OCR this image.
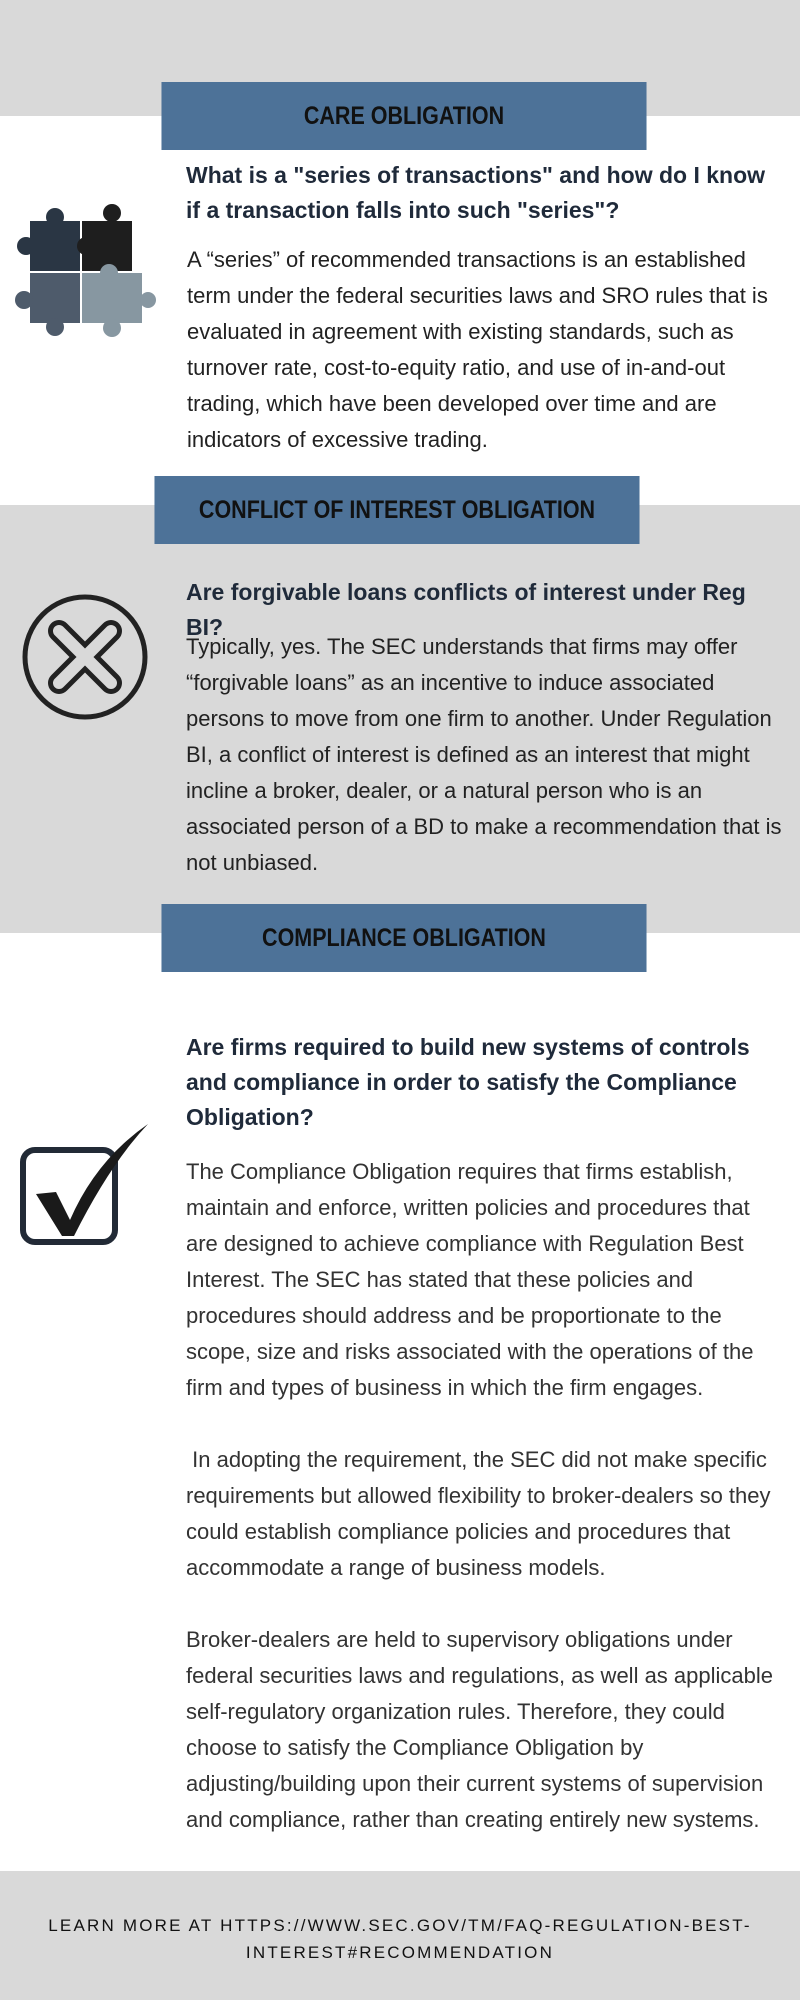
CARE OBLIGATION
What is a "series of transactions" and how do I know if a transaction falls into such "series"?
A “series” of recommended transactions is an established term under the federal securities laws and SRO rules that is evaluated in agreement with existing standards, such as turnover rate, cost-to-equity ratio, and use of in-and-out trading, which have been developed over time and are indicators of excessive trading.
CONFLICT OF INTEREST OBLIGATION
Are forgivable loans conflicts of interest under Reg BI?
Typically, yes. The SEC understands that firms may offer “forgivable loans” as an incentive to induce associated persons to move from one firm to another. Under Regulation BI, a conflict of interest is defined as an interest that might incline a broker, dealer, or a natural person who is an associated person of a BD to make a recommendation that is not unbiased.
COMPLIANCE OBLIGATION
Are firms required to build new systems of controls and compliance in order to satisfy the Compliance Obligation?

The Compliance Obligation requires that firms establish, maintain and enforce, written policies and procedures that are designed to achieve compliance with Regulation Best Interest. The SEC has stated that these policies and procedures should address and be proportionate to the scope, size and risks associated with the operations of the firm and types of business in which the firm engages.

In adopting the requirement, the SEC did not make specific requirements but allowed flexibility to broker-dealers so they could establish compliance policies and procedures that accommodate a range of business models.

Broker-dealers are held to supervisory obligations under federal securities laws and regulations, as well as applicable self-regulatory organization rules. Therefore, they could choose to satisfy the Compliance Obligation by adjusting/building upon their current systems of supervision and compliance, rather than creating entirely new systems.

LEARN MORE AT HTTPS://WWW.SEC.GOV/TM/FAQ-REGULATION-BEST-INTEREST#RECOMMENDATION
